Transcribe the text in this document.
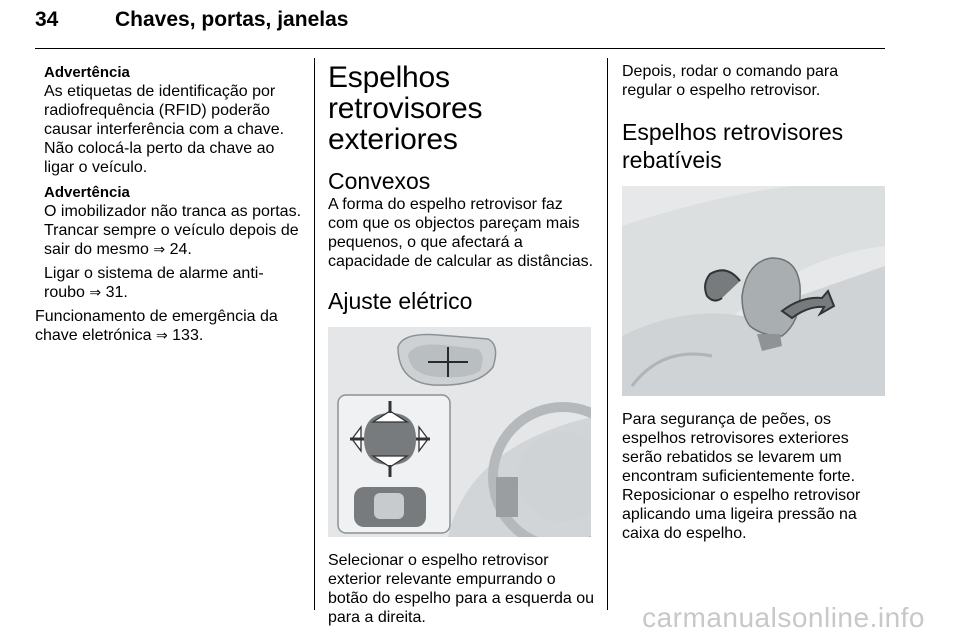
34	Chaves, portas, janelas

Advertência

As etiquetas de identificação por radiofrequência (RFID) poderão causar interferência com a chave. Não colocá-la perto da chave ao ligar o veículo.

Advertência

O imobilizador não tranca as portas. Trancar sempre o veículo depois de sair do mesmo ⇒ 24.

Ligar o sistema de alarme anti-roubo ⇒ 31.

Funcionamento de emergência da chave eletrónica ⇒ 133.

Espelhos retrovisores exteriores
Convexos

A forma do espelho retrovisor faz com que os objectos pareçam mais pequenos, o que afectará a capacidade de calcular as distâncias.

Ajuste elétrico

Selecionar o espelho retrovisor exterior relevante empurrando o botão do espelho para a esquerda ou para a direita.

Depois, rodar o comando para regular o espelho retrovisor.

Espelhos retrovisores rebatíveis

Para segurança de peões, os espelhos retrovisores exteriores serão rebatidos se levarem um encontram suficientemente forte. Reposicionar o espelho retrovisor aplicando uma ligeira pressão na caixa do espelho.

carmanualsonline.info
